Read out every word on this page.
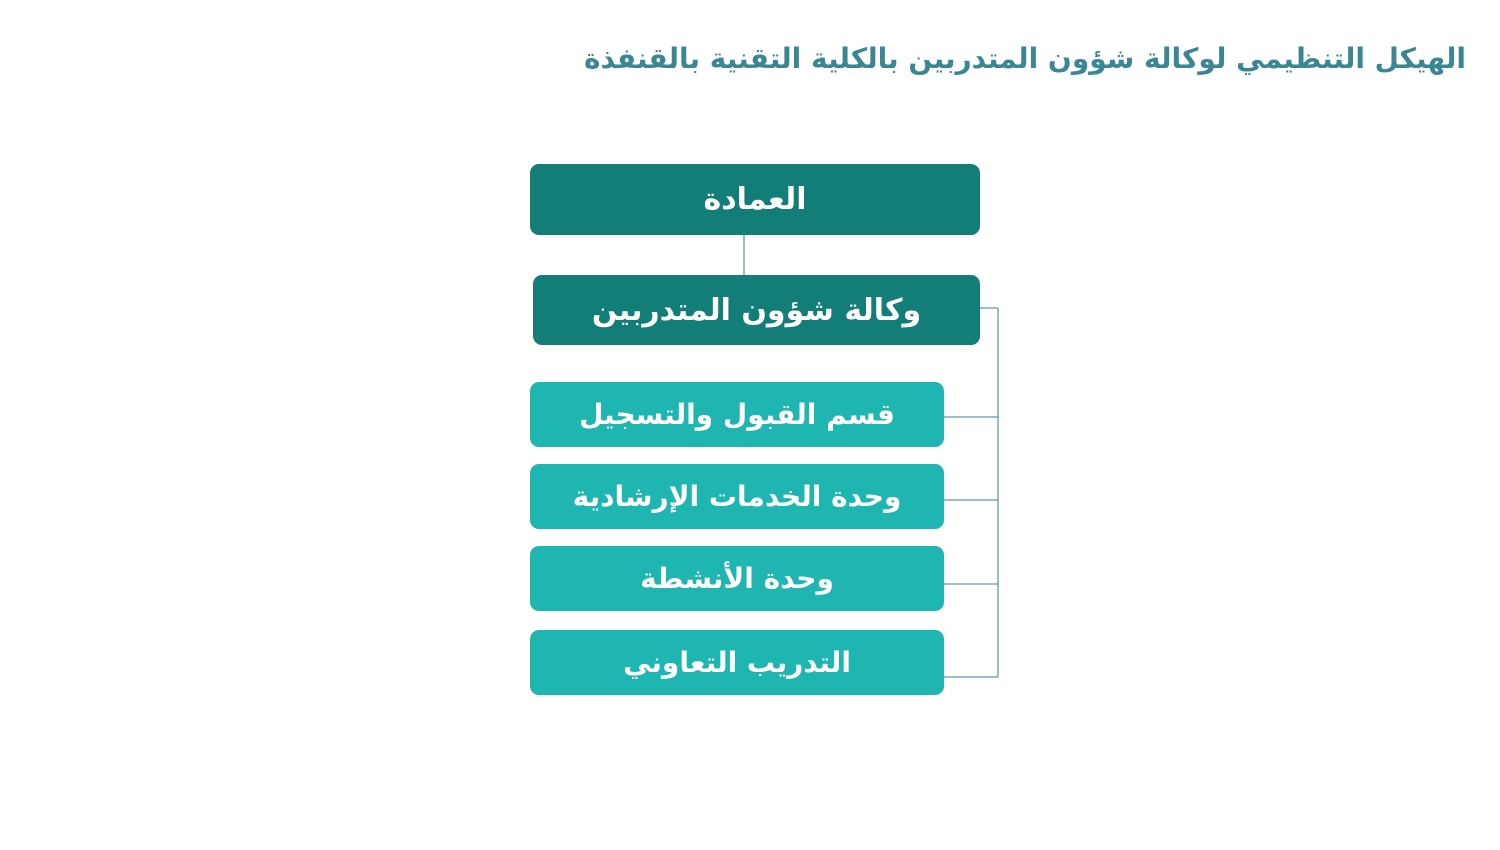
الهيكل التنظيمي لوكالة شؤون المتدربين بالكلية التقنية بالقنفذة
العمادة
وكالة شؤون المتدربين
قسم القبول والتسجيل
وحدة الخدمات الإرشادية
وحدة الأنشطة
التدريب التعاوني
